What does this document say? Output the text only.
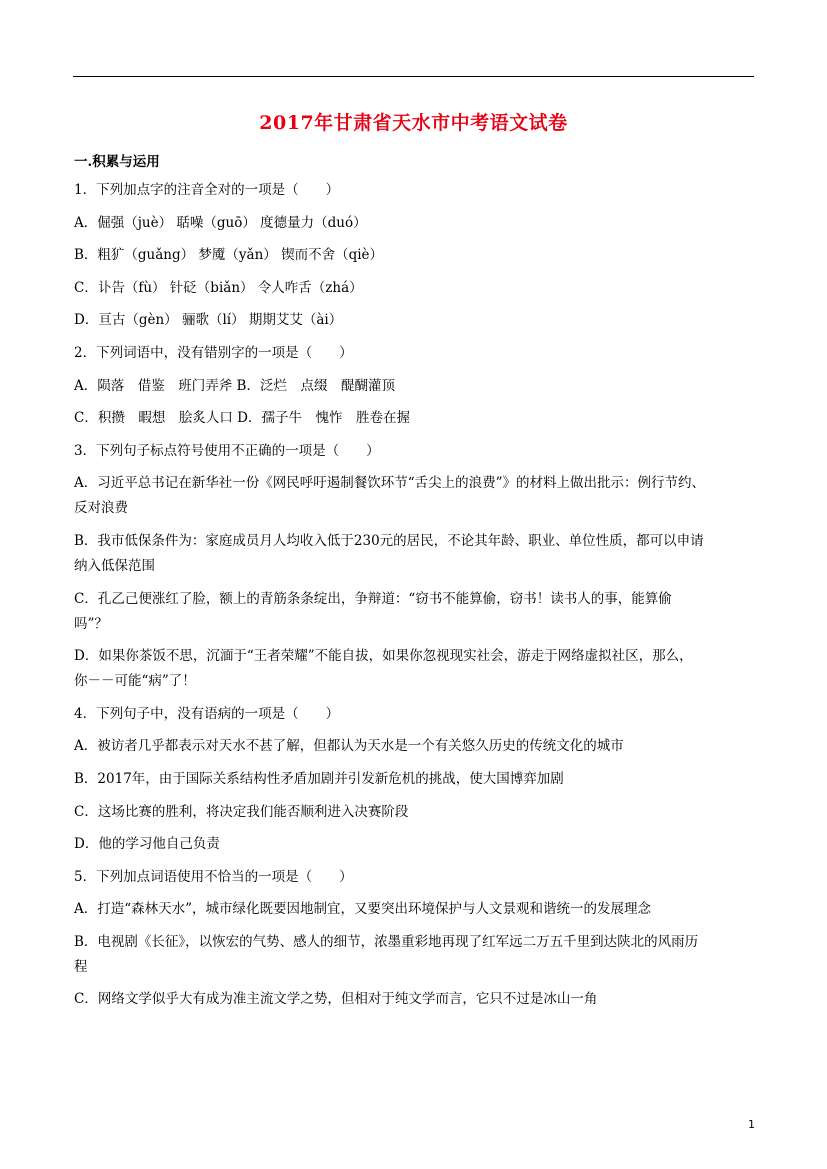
2017年甘肃省天水市中考语文试卷
一.积累与运用
1．下列加点字的注音全对的一项是（　　）
A．倔强（juè） 聒噪（guō） 度德量力（duó）
B．粗犷（guǎng） 梦魇（yǎn） 锲而不舍（qiè）
C．讣告（fù） 针砭（biǎn） 令人咋舌（zhá）
D．亘古（gèn） 骊歌（lí） 期期艾艾（ài）
2．下列词语中，没有错别字的一项是（　　）
A．陨落　借鉴　班门弄斧 B．泛烂　点缀　醍醐灌顶
C．积攒　暇想　脍炙人口 D．孺子牛　愧怍　胜卷在握
3．下列句子标点符号使用不正确的一项是（　　）
A．习近平总书记在新华社一份《网民呼吁遏制餐饮环节“舌尖上的浪费”》的材料上做出批示：例行节约、
反对浪费
B．我市低保条件为：家庭成员月人均收入低于230元的居民，不论其年龄、职业、单位性质，都可以申请
纳入低保范围
C．孔乙己便涨红了脸，额上的青筋条条绽出，争辩道：“窃书不能算偷，窃书！读书人的事，能算偷
吗”？
D．如果你茶饭不思，沉湎于“王者荣耀”不能自拔，如果你忽视现实社会，游走于网络虚拟社区，那么，
你－－可能“病”了！
4．下列句子中，没有语病的一项是（　　）
A．被访者几乎都表示对天水不甚了解，但都认为天水是一个有关悠久历史的传统文化的城市
B．2017年，由于国际关系结构性矛盾加剧并引发新危机的挑战，使大国博弈加剧
C．这场比赛的胜利，将决定我们能否顺利进入决赛阶段
D．他的学习他自己负责
5．下列加点词语使用不恰当的一项是（　　）
A．打造“森林天水”，城市绿化既要因地制宜，又要突出环境保护与人文景观和谐统一的发展理念
B．电视剧《长征》，以恢宏的气势、感人的细节，浓墨重彩地再现了红军远二万五千里到达陕北的风雨历
程
C．网络文学似乎大有成为准主流文学之势，但相对于纯文学而言，它只不过是冰山一角
1
